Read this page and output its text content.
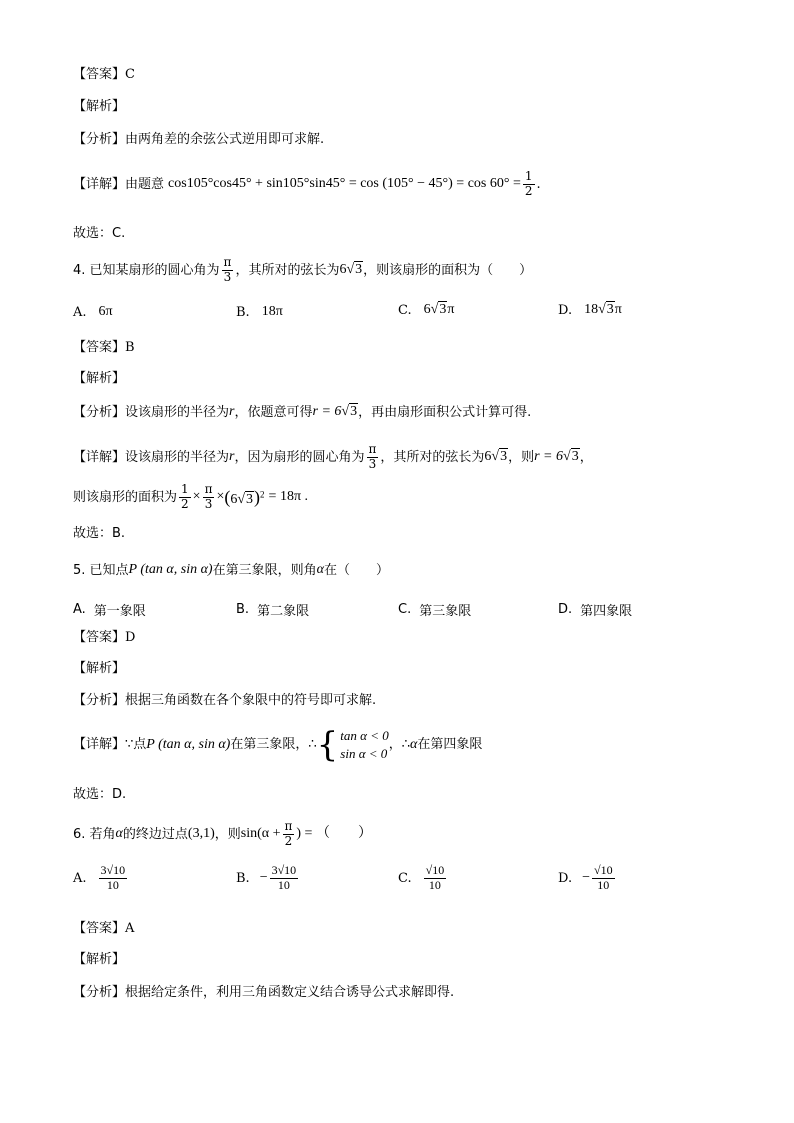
【答案】 C
【解析】
【分析】 由两角差的余弦公式逆用即可求解.
【详解】 由题意 $\cos 105^\circ\cos 45^\circ + \sin 105^\circ\sin 45^\circ = \cos (105^\circ - 45^\circ) = \cos 60^\circ = \frac{1}{2}$ .
故选：C.
4. 已知某扇形的圆心角为 $\frac{\pi}{3}$ ，其所对的弦长为 6√3 ，则该扇形的面积为（　　）
A. 6π	B. 18π	C. 6√3π	D. 18√3π
【答案】 B
【解析】
【分析】 设该扇形的半径为 r ，依题意可得 r = 6 √3 ，再由扇形面积公式计算可得.
【详解】 设该扇形的半径为 r ，因为扇形的圆心角为 $\frac{\pi}{3}$ ，其所对的弦长为 6√3 ，则 r = 6 √3 ，
则该扇形的面积为 $\frac{1}{2} \times \frac{\pi}{3} \times (6√3)^2 = 18\pi$ .
故选：B.
5. 已知点 P (tan α, sin α) 在第三象限，则角 α 在（　　）
A. 第一象限	B. 第二象限	C. 第三象限	D. 第四象限
【答案】 D
【解析】
【分析】 根据三角函数在各个象限中的符号即可求解.
【详解】 ∵点 P (tan α, sin α) 在第三象限，∴ { tan α < 0
sin α < 0
，∴ α 在第四象限
故选：D.
6. 若角 α 的终边过点 (3,1) ，则 $\sin(\alpha + \frac{\pi}{2}$ ) = （　　）
A. $\frac{3√10}{10}$	B. − $\frac{3√10}{10}$	C. $\frac{√10}{10}$	D. − $\frac{√10}{10}$
【答案】 A
【解析】
【分析】 根据给定条件，利用三角函数定义结合诱导公式求解即得.
